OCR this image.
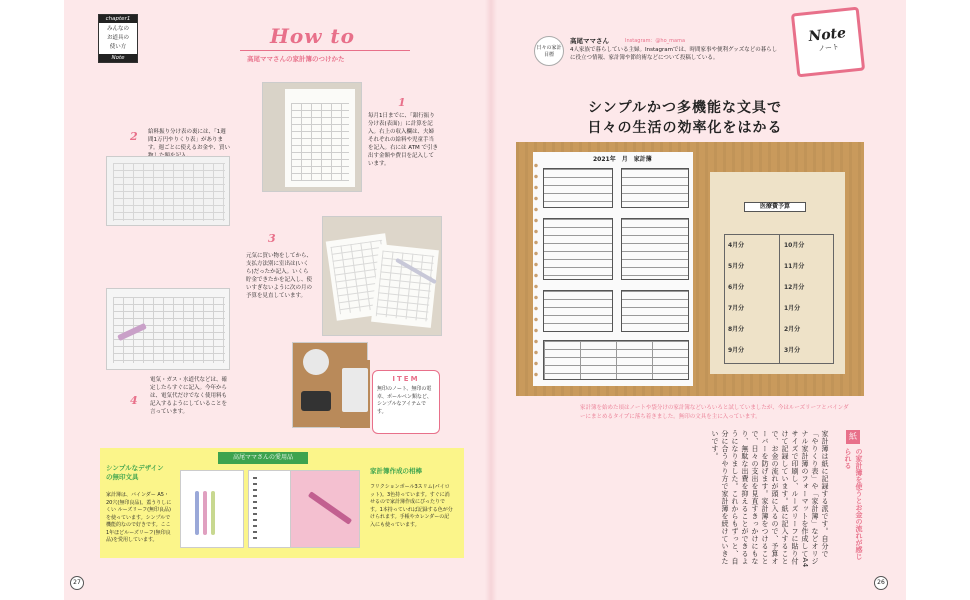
chapter1
みんなの
お道具の
使い方
Note
How to
高尾ママさんの家計簿のつけかた
1
毎月1日までに、「銀行振り分け表(表面)」に計算を記入。右上の収入欄は、夫婦それぞれの給料や児童手当を記入。右には ATM で引き出す金額や費目を記入しています。
2 給料振り分け表の裏には、「1週間1万円やりくり表」があります。週ごとに使えるお金や、買い
3
元気に買い物をしてから、支払方法別に室出は(いくら)だったか記入。いくら貯金できたかを記入し、使いすぎないように次の月の予算を見直しています。
4
電気・ガス・水道代などは、確定したらすぐに記入。今年からは、電気代だけでなく使用料も記入するようにしていることを言っています。
ITEM
無印のノート、無印の電卓、ボールペン類など、シンプルなアイテムです。
高尾ママさんの愛用品
シンプルなデザインの無印文具
家計簿は、バインダー A5・20穴(無印良品)。蓋うりしにくい ルーズリーフ(無印良品)を使っています。シンプルで機能的なので好きです。ここ1年ほどルーズリーフ(無印良品)を愛用しています。
家計簿作成の相棒
フリクションボール3スリム(パイロット)。3色持っています。すぐに消せるので家計簿作成にぴったりです。1本持っていれば記録する色が分けられます。手帳やカレンダーの記入にも使っています。
27
日々の家計目標
高尾ママさん	Instagram：@ho_mama
4人家族で暮らしている主婦。Instagramでは、時間家事や便利グッズなどの暮らしに役立つ情報、家計簿や節約術などについて投稿している。
Note
ノート
シンプルかつ多機能な文具で
日々の生活の効率化をはかる
2021年　月　家計簿
医療費予算
4月分
5月分
6月分
7月分
8月分
9月分
10月分
11月分
12月分
1月分
2月分
3月分
家計簿を始めた頃はノートや袋分けの家計簿などいろいろと試していましたが、今はルーズリーフとバインダーにまとめるタイプに落ち着きました。無印の文具を主に入っています。
家計簿は紙に記録する派です。自分で「やりくり表」や「家計簿」などオリジナル家計簿のフォーマットを作成してA4サイズで印刷し、ルーズリーフに貼り付けて記録しています。紙に記入することで、お金の流れが頭に入るので、予算オーバーを防げます。家計簿をつけることで、日々の支出を見直すきっかけにもなり、無駄な出費を抑えることができるようになりました。これからもずっと、自分に合うやり方で家計簿を続けていきたいです。	紙
の家計簿を使うとお金の流れが感じられる
26
